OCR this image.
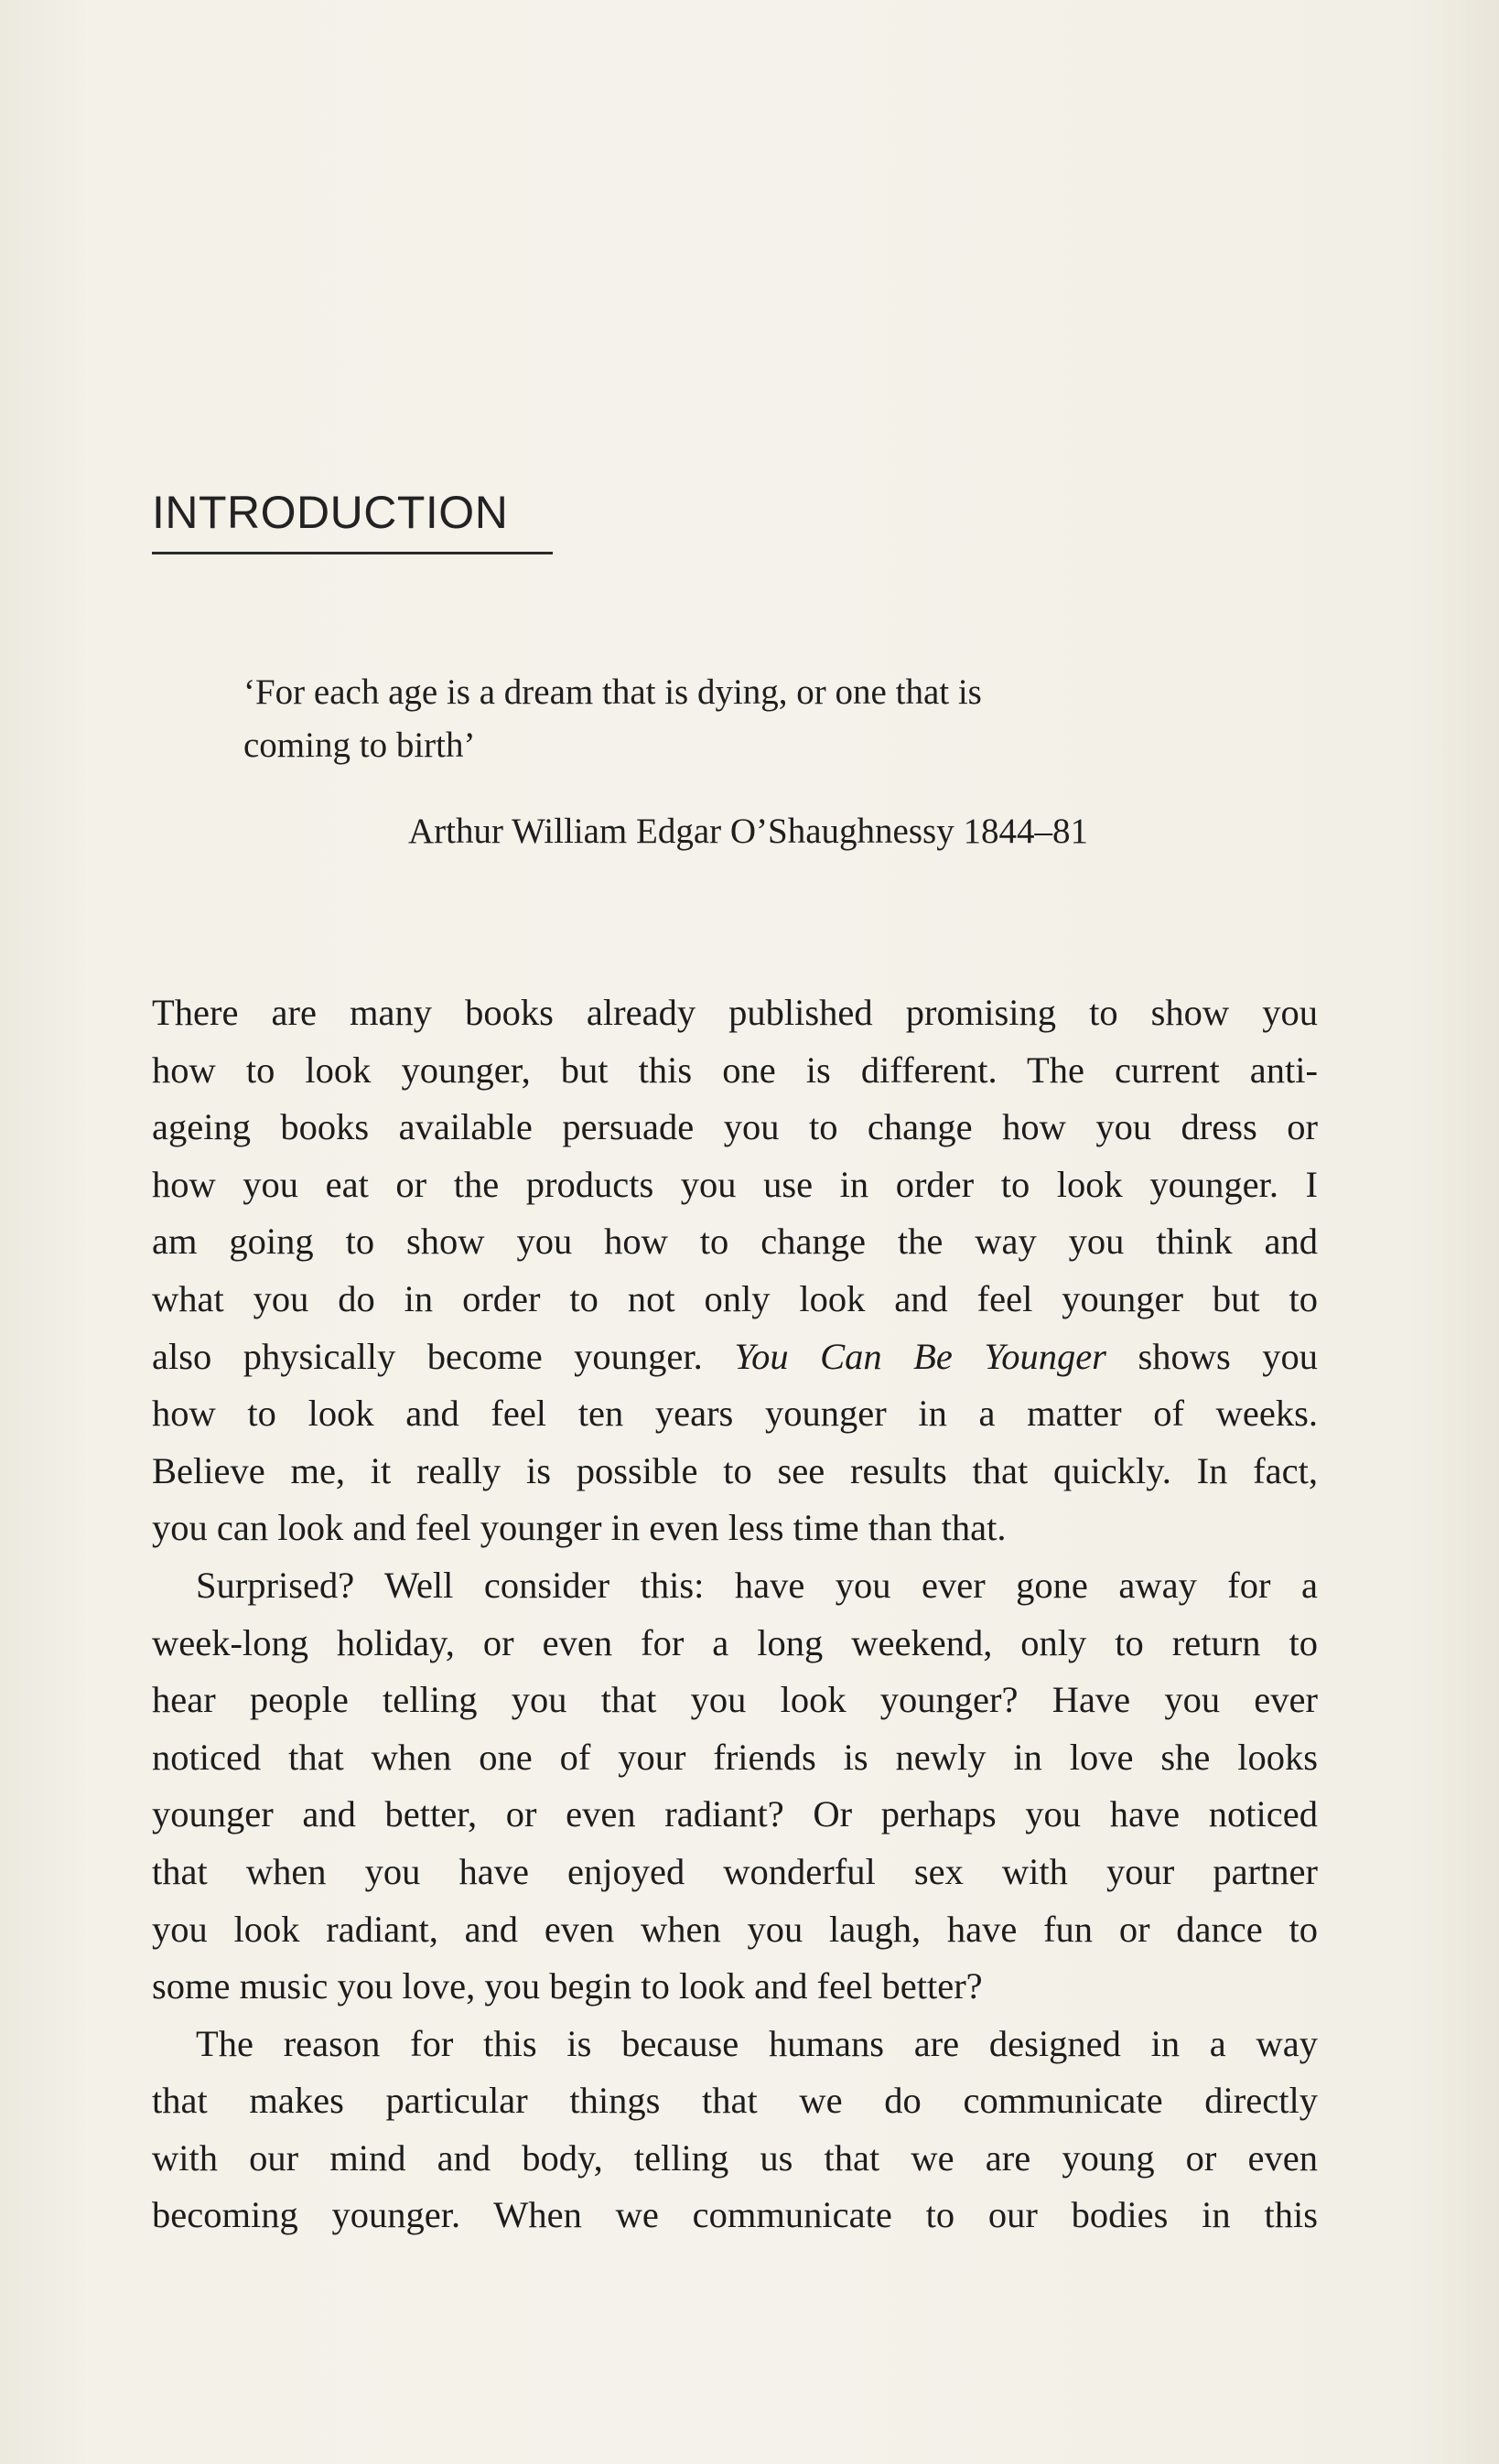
INTRODUCTION
‘For each age is a dream that is dying, or one that is
coming to birth’
Arthur William Edgar O’Shaughnessy 1844–81

There are many books already published promising to show you
how to look younger, but this one is different. The current anti-
ageing books available persuade you to change how you dress or
how you eat or the products you use in order to look younger. I
am going to show you how to change the way you think and
what you do in order to not only look and feel younger but to
also physically become younger. You Can Be Younger shows you
how to look and feel ten years younger in a matter of weeks.
Believe me, it really is possible to see results that quickly. In fact,
you can look and feel younger in even less time than that.

Surprised? Well consider this: have you ever gone away for a
week-long holiday, or even for a long weekend, only to return to
hear people telling you that you look younger? Have you ever
noticed that when one of your friends is newly in love she looks
younger and better, or even radiant? Or perhaps you have noticed
that when you have enjoyed wonderful sex with your partner
you look radiant, and even when you laugh, have fun or dance to
some music you love, you begin to look and feel better?

The reason for this is because humans are designed in a way
that makes particular things that we do communicate directly
with our mind and body, telling us that we are young or even
becoming younger. When we communicate to our bodies in this
